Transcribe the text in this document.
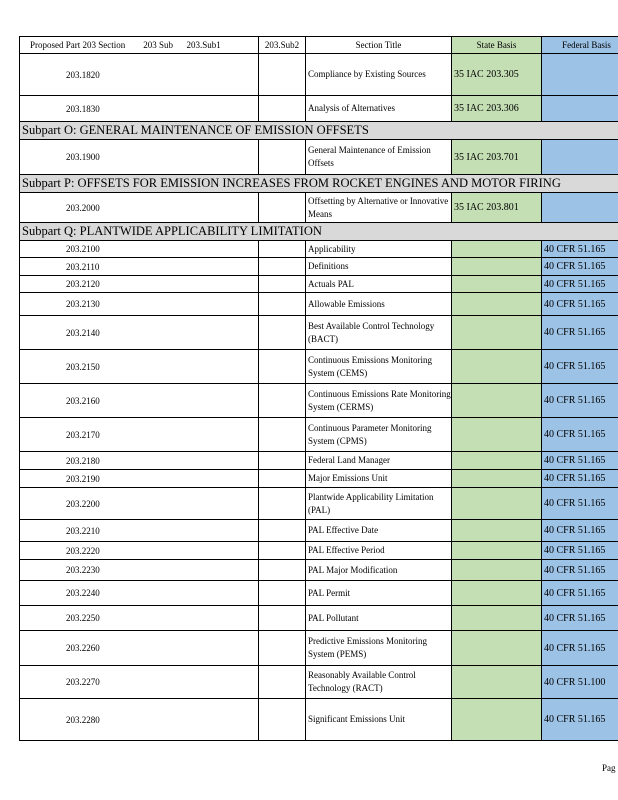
Proposed Part 203 Section        203 Sub      203.Sub1	203.Sub2	Section Title	State Basis	Federal Basis
203.1820		Compliance by Existing Sources	35 IAC 203.305	
203.1830		Analysis of Alternatives	35 IAC 203.306	
Subpart O: GENERAL MAINTENANCE OF EMISSION OFFSETS				
203.1900		General Maintenance of Emission Offsets	35 IAC 203.701	
Subpart P: OFFSETS FOR EMISSION INCREASES FROM ROCKET ENGINES AND MOTOR FIRING				
203.2000		Offsetting by Alternative or Innovative Means	35 IAC 203.801	
Subpart Q: PLANTWIDE APPLICABILITY LIMITATION				
203.2100		Applicability		40 CFR 51.165
203.2110		Definitions		40 CFR 51.165
203.2120		Actuals PAL		40 CFR 51.165
203.2130		Allowable Emissions		40 CFR 51.165
203.2140		Best Available Control Technology (BACT)		40 CFR 51.165
203.2150		Continuous Emissions Monitoring System (CEMS)		40 CFR 51.165
203.2160		Continuous Emissions Rate Monitoring System (CERMS)		40 CFR 51.165
203.2170		Continuous Parameter Monitoring System (CPMS)		40 CFR 51.165
203.2180		Federal Land Manager		40 CFR 51.165
203.2190		Major Emissions Unit		40 CFR 51.165
203.2200		Plantwide Applicability Limitation (PAL)		40 CFR 51.165
203.2210		PAL Effective Date		40 CFR 51.165
203.2220		PAL Effective Period		40 CFR 51.165
203.2230		PAL Major Modification		40 CFR 51.165
203.2240		PAL Permit		40 CFR 51.165
203.2250		PAL Pollutant		40 CFR 51.165
203.2260		Predictive Emissions Monitoring System (PEMS)		40 CFR 51.165
203.2270		Reasonably Available Control Technology (RACT)		40 CFR 51.100
203.2280		Significant Emissions Unit		40 CFR 51.165
Pag
